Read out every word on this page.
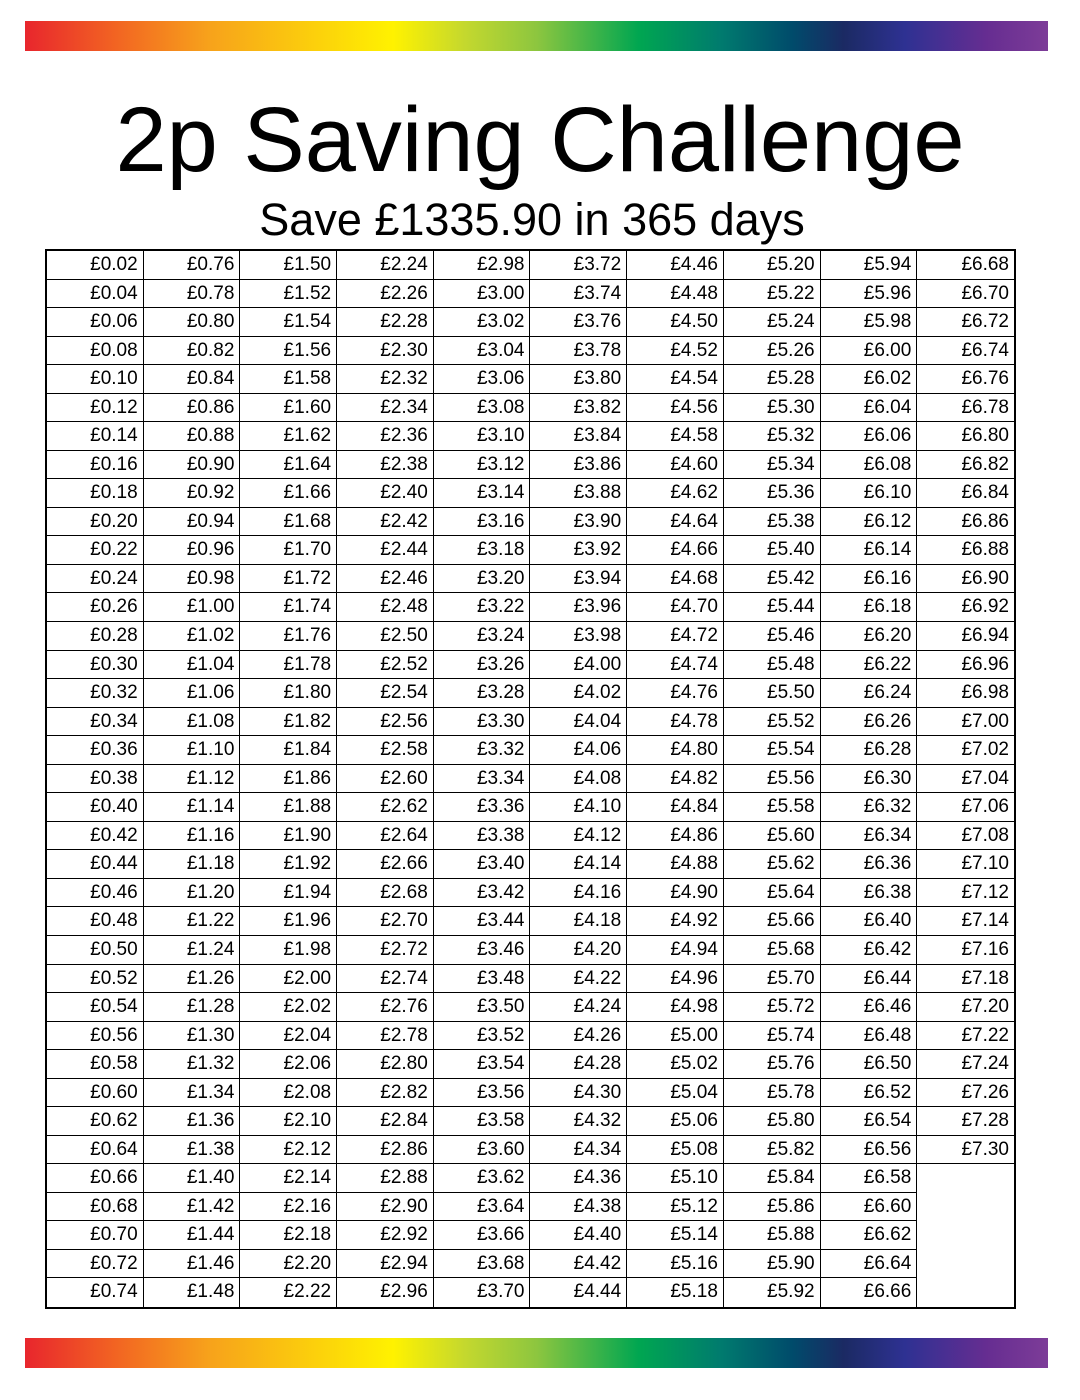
2p Saving Challenge
Save £1335.90 in 365 days
£0.02	£0.76	£1.50	£2.24	£2.98	£3.72	£4.46	£5.20	£5.94	£6.68
£0.04	£0.78	£1.52	£2.26	£3.00	£3.74	£4.48	£5.22	£5.96	£6.70
£0.06	£0.80	£1.54	£2.28	£3.02	£3.76	£4.50	£5.24	£5.98	£6.72
£0.08	£0.82	£1.56	£2.30	£3.04	£3.78	£4.52	£5.26	£6.00	£6.74
£0.10	£0.84	£1.58	£2.32	£3.06	£3.80	£4.54	£5.28	£6.02	£6.76
£0.12	£0.86	£1.60	£2.34	£3.08	£3.82	£4.56	£5.30	£6.04	£6.78
£0.14	£0.88	£1.62	£2.36	£3.10	£3.84	£4.58	£5.32	£6.06	£6.80
£0.16	£0.90	£1.64	£2.38	£3.12	£3.86	£4.60	£5.34	£6.08	£6.82
£0.18	£0.92	£1.66	£2.40	£3.14	£3.88	£4.62	£5.36	£6.10	£6.84
£0.20	£0.94	£1.68	£2.42	£3.16	£3.90	£4.64	£5.38	£6.12	£6.86
£0.22	£0.96	£1.70	£2.44	£3.18	£3.92	£4.66	£5.40	£6.14	£6.88
£0.24	£0.98	£1.72	£2.46	£3.20	£3.94	£4.68	£5.42	£6.16	£6.90
£0.26	£1.00	£1.74	£2.48	£3.22	£3.96	£4.70	£5.44	£6.18	£6.92
£0.28	£1.02	£1.76	£2.50	£3.24	£3.98	£4.72	£5.46	£6.20	£6.94
£0.30	£1.04	£1.78	£2.52	£3.26	£4.00	£4.74	£5.48	£6.22	£6.96
£0.32	£1.06	£1.80	£2.54	£3.28	£4.02	£4.76	£5.50	£6.24	£6.98
£0.34	£1.08	£1.82	£2.56	£3.30	£4.04	£4.78	£5.52	£6.26	£7.00
£0.36	£1.10	£1.84	£2.58	£3.32	£4.06	£4.80	£5.54	£6.28	£7.02
£0.38	£1.12	£1.86	£2.60	£3.34	£4.08	£4.82	£5.56	£6.30	£7.04
£0.40	£1.14	£1.88	£2.62	£3.36	£4.10	£4.84	£5.58	£6.32	£7.06
£0.42	£1.16	£1.90	£2.64	£3.38	£4.12	£4.86	£5.60	£6.34	£7.08
£0.44	£1.18	£1.92	£2.66	£3.40	£4.14	£4.88	£5.62	£6.36	£7.10
£0.46	£1.20	£1.94	£2.68	£3.42	£4.16	£4.90	£5.64	£6.38	£7.12
£0.48	£1.22	£1.96	£2.70	£3.44	£4.18	£4.92	£5.66	£6.40	£7.14
£0.50	£1.24	£1.98	£2.72	£3.46	£4.20	£4.94	£5.68	£6.42	£7.16
£0.52	£1.26	£2.00	£2.74	£3.48	£4.22	£4.96	£5.70	£6.44	£7.18
£0.54	£1.28	£2.02	£2.76	£3.50	£4.24	£4.98	£5.72	£6.46	£7.20
£0.56	£1.30	£2.04	£2.78	£3.52	£4.26	£5.00	£5.74	£6.48	£7.22
£0.58	£1.32	£2.06	£2.80	£3.54	£4.28	£5.02	£5.76	£6.50	£7.24
£0.60	£1.34	£2.08	£2.82	£3.56	£4.30	£5.04	£5.78	£6.52	£7.26
£0.62	£1.36	£2.10	£2.84	£3.58	£4.32	£5.06	£5.80	£6.54	£7.28
£0.64	£1.38	£2.12	£2.86	£3.60	£4.34	£5.08	£5.82	£6.56	£7.30
£0.66	£1.40	£2.14	£2.88	£3.62	£4.36	£5.10	£5.84	£6.58
£0.68	£1.42	£2.16	£2.90	£3.64	£4.38	£5.12	£5.86	£6.60
£0.70	£1.44	£2.18	£2.92	£3.66	£4.40	£5.14	£5.88	£6.62
£0.72	£1.46	£2.20	£2.94	£3.68	£4.42	£5.16	£5.90	£6.64
£0.74	£1.48	£2.22	£2.96	£3.70	£4.44	£5.18	£5.92	£6.66
